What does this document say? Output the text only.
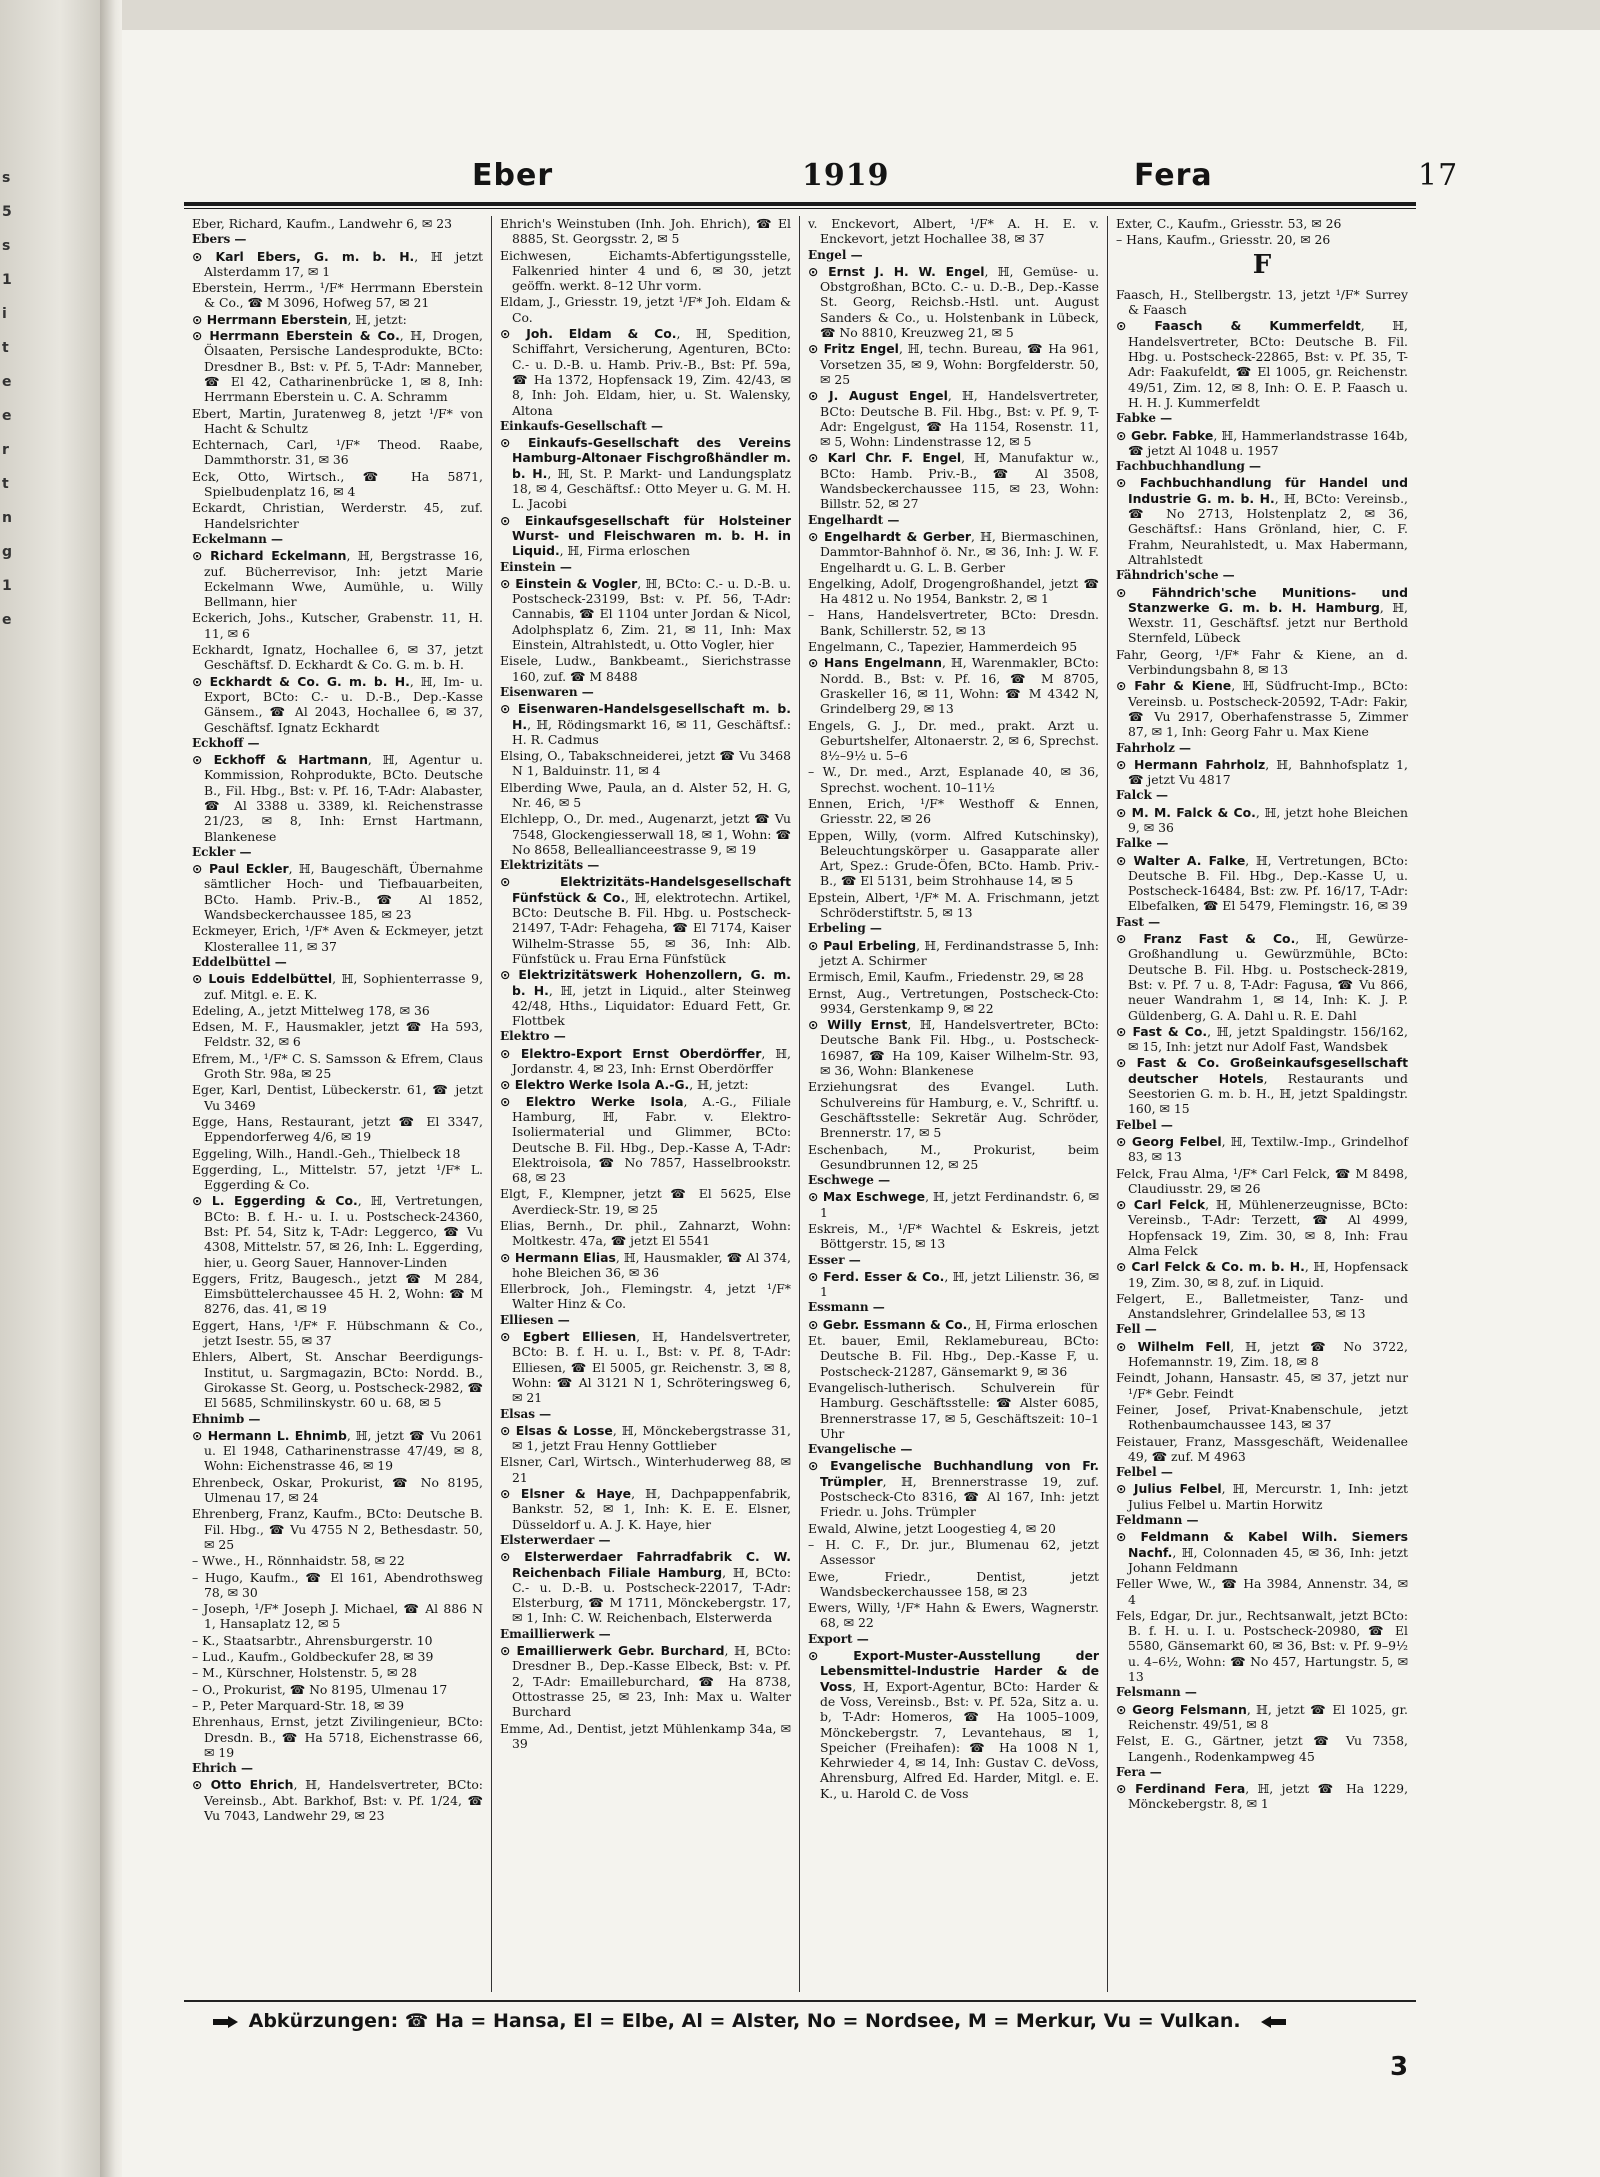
s
5
s
1
i
t
e
e
r
t
n
g
1
e
Eber	1919	Fera	17
Eber, Richard, Kaufm., Landwehr 6, ✉ 23
Ebers —
⊙ Karl Ebers, G. m. b. H., ℍ jetzt Alsterdamm 17, ✉ 1
Eberstein, Herrm., ¹/F* Herrmann Eberstein & Co., ☎ M 3096, Hofweg 57, ✉ 21
⊙ Herrmann Eberstein, ℍ, jetzt:
⊙ Herrmann Eberstein & Co., ℍ, Drogen, Ölsaaten, Persische Landesprodukte, BCto: Dresdner B., Bst: v. Pf. 5, T-Adr: Manneber, ☎ El 42, Catharinenbrücke 1, ✉ 8, Inh: Herrmann Eberstein u. C. A. Schramm
Ebert, Martin, Juratenweg 8, jetzt ¹/F* von Hacht & Schultz
Echternach, Carl, ¹/F* Theod. Raabe, Dammthorstr. 31, ✉ 36
Eck, Otto, Wirtsch., ☎ Ha 5871, Spielbudenplatz 16, ✉ 4
Eckardt, Christian, Werderstr. 45, zuf. Handelsrichter
Eckelmann —
⊙ Richard Eckelmann, ℍ, Bergstrasse 16, zuf. Bücherrevisor, Inh: jetzt Marie Eckelmann Wwe, Aumühle, u. Willy Bellmann, hier
Eckerich, Johs., Kutscher, Grabenstr. 11, H. 11, ✉ 6
Eckhardt, Ignatz, Hochallee 6, ✉ 37, jetzt Geschäftsf. D. Eckhardt & Co. G. m. b. H.
⊙ Eckhardt & Co. G. m. b. H., ℍ, Im- u. Export, BCto: C.- u. D.-B., Dep.-Kasse Gänsem., ☎ Al 2043, Hochallee 6, ✉ 37, Geschäftsf. Ignatz Eckhardt
Eckhoff —
⊙ Eckhoff & Hartmann, ℍ, Agentur u. Kommission, Rohprodukte, BCto. Deutsche B., Fil. Hbg., Bst: v. Pf. 16, T-Adr: Alabaster, ☎ Al 3388 u. 3389, kl. Reichenstrasse 21/23, ✉ 8, Inh: Ernst Hartmann, Blankenese
Eckler —
⊙ Paul Eckler, ℍ, Baugeschäft, Übernahme sämtlicher Hoch- und Tiefbauarbeiten, BCto. Hamb. Priv.-B., ☎ Al 1852, Wandsbeckerchaussee 185, ✉ 23
Eckmeyer, Erich, ¹/F* Aven & Eckmeyer, jetzt Klosterallee 11, ✉ 37
Eddelbüttel —
⊙ Louis Eddelbüttel, ℍ, Sophienterrasse 9, zuf. Mitgl. e. E. K.
Edeling, A., jetzt Mittelweg 178, ✉ 36
Edsen, M. F., Hausmakler, jetzt ☎ Ha 593, Feldstr. 32, ✉ 6
Efrem, M., ¹/F* C. S. Samsson & Efrem, Claus Groth Str. 98a, ✉ 25
Eger, Karl, Dentist, Lübeckerstr. 61, ☎ jetzt Vu 3469
Egge, Hans, Restaurant, jetzt ☎ El 3347, Eppendorferweg 4/6, ✉ 19
Eggeling, Wilh., Handl.-Geh., Thielbeck 18
Eggerding, L., Mittelstr. 57, jetzt ¹/F* L. Eggerding & Co.
⊙ L. Eggerding & Co., ℍ, Vertretungen, BCto: B. f. H.- u. I. u. Postscheck-24360, Bst: Pf. 54, Sitz k, T-Adr: Leggerco, ☎ Vu 4308, Mittelstr. 57, ✉ 26, Inh: L. Eggerding, hier, u. Georg Sauer, Hannover-Linden
Eggers, Fritz, Baugesch., jetzt ☎ M 284, Eimsbüttelerchaussee 45 H. 2, Wohn: ☎ M 8276, das. 41, ✉ 19
Eggert, Hans, ¹/F* F. Hübschmann & Co., jetzt Isestr. 55, ✉ 37
Ehlers, Albert, St. Anschar Beerdigungs-Institut, u. Sargmagazin, BCto: Nordd. B., Girokasse St. Georg, u. Postscheck-2982, ☎ El 5685, Schmilinskystr. 60 u. 68, ✉ 5
Ehnimb —
⊙ Hermann L. Ehnimb, ℍ, jetzt ☎ Vu 2061 u. El 1948, Catharinenstrasse 47/49, ✉ 8, Wohn: Eichenstrasse 46, ✉ 19
Ehrenbeck, Oskar, Prokurist, ☎ No 8195, Ulmenau 17, ✉ 24
Ehrenberg, Franz, Kaufm., BCto: Deutsche B. Fil. Hbg., ☎ Vu 4755 N 2, Bethesdastr. 50, ✉ 25
– Wwe., H., Rönnhaidstr. 58, ✉ 22
– Hugo, Kaufm., ☎ El 161, Abendrothsweg 78, ✉ 30
– Joseph, ¹/F* Joseph J. Michael, ☎ Al 886 N 1, Hansaplatz 12, ✉ 5
– K., Staatsarbtr., Ahrensburgerstr. 10
– Lud., Kaufm., Goldbeckufer 28, ✉ 39
– M., Kürschner, Holstenstr. 5, ✉ 28
– O., Prokurist, ☎ No 8195, Ulmenau 17
– P., Peter Marquard-Str. 18, ✉ 39
Ehrenhaus, Ernst, jetzt Zivilingenieur, BCto: Dresdn. B., ☎ Ha 5718, Eichenstrasse 66, ✉ 19
Ehrich —
⊙ Otto Ehrich, ℍ, Handelsvertreter, BCto: Vereinsb., Abt. Barkhof, Bst: v. Pf. 1/24, ☎ Vu 7043, Landwehr 29, ✉ 23
Ehrich's Weinstuben (Inh. Joh. Ehrich), ☎ El 8885, St. Georgsstr. 2, ✉ 5
Eichwesen, Eichamts-Abfertigungsstelle, Falkenried hinter 4 und 6, ✉ 30, jetzt geöffn. werkt. 8–12 Uhr vorm.
Eldam, J., Griesstr. 19, jetzt ¹/F* Joh. Eldam & Co.
⊙ Joh. Eldam & Co., ℍ, Spedition, Schiffahrt, Versicherung, Agenturen, BCto: C.- u. D.-B. u. Hamb. Priv.-B., Bst: Pf. 59a, ☎ Ha 1372, Hopfensack 19, Zim. 42/43, ✉ 8, Inh: Joh. Eldam, hier, u. St. Walensky, Altona
Einkaufs-Gesellschaft —
⊙ Einkaufs-Gesellschaft des Vereins Hamburg-Altonaer Fischgroßhändler m. b. H., ℍ, St. P. Markt- und Landungsplatz 18, ✉ 4, Geschäftsf.: Otto Meyer u. G. M. H. L. Jacobi
⊙ Einkaufsgesellschaft für Holsteiner Wurst- und Fleischwaren m. b. H. in Liquid., ℍ, Firma erloschen
Einstein —
⊙ Einstein & Vogler, ℍ, BCto: C.- u. D.-B. u. Postscheck-23199, Bst: v. Pf. 56, T-Adr: Cannabis, ☎ El 1104 unter Jordan & Nicol, Adolphsplatz 6, Zim. 21, ✉ 11, Inh: Max Einstein, Altrahlstedt, u. Otto Vogler, hier
Eisele, Ludw., Bankbeamt., Sierichstrasse 160, zuf. ☎ M 8488
Eisenwaren —
⊙ Eisenwaren-Handelsgesellschaft m. b. H., ℍ, Rödingsmarkt 16, ✉ 11, Geschäftsf.: H. R. Cadmus
Elsing, O., Tabakschneiderei, jetzt ☎ Vu 3468 N 1, Balduinstr. 11, ✉ 4
Elberding Wwe, Paula, an d. Alster 52, H. G, Nr. 46, ✉ 5
Elchlepp, O., Dr. med., Augenarzt, jetzt ☎ Vu 7548, Glockengiesserwall 18, ✉ 1, Wohn: ☎ No 8658, Belleallianceestrasse 9, ✉ 19
Elektrizitäts —
⊙ Elektrizitäts-Handelsgesellschaft Fünfstück & Co., ℍ, elektrotechn. Artikel, BCto: Deutsche B. Fil. Hbg. u. Postscheck-21497, T-Adr: Fehageha, ☎ El 7174, Kaiser Wilhelm-Strasse 55, ✉ 36, Inh: Alb. Fünfstück u. Frau Erna Fünfstück
⊙ Elektrizitätswerk Hohenzollern, G. m. b. H., ℍ, jetzt in Liquid., alter Steinweg 42/48, Hths., Liquidator: Eduard Fett, Gr. Flottbek
Elektro —
⊙ Elektro-Export Ernst Oberdörffer, ℍ, Jordanstr. 4, ✉ 23, Inh: Ernst Oberdörffer
⊙ Elektro Werke Isola A.-G., ℍ, jetzt:
⊙ Elektro Werke Isola, A.-G., Filiale Hamburg, ℍ, Fabr. v. Elektro-Isoliermaterial und Glimmer, BCto: Deutsche B. Fil. Hbg., Dep.-Kasse A, T-Adr: Elektroisola, ☎ No 7857, Hasselbrookstr. 68, ✉ 23
Elgt, F., Klempner, jetzt ☎ El 5625, Else Averdieck-Str. 19, ✉ 25
Elias, Bernh., Dr. phil., Zahnarzt, Wohn: Moltkestr. 47a, ☎ jetzt El 5541
⊙ Hermann Elias, ℍ, Hausmakler, ☎ Al 374, hohe Bleichen 36, ✉ 36
Ellerbrock, Joh., Flemingstr. 4, jetzt ¹/F* Walter Hinz & Co.
Elliesen —
⊙ Egbert Elliesen, ℍ, Handelsvertreter, BCto: B. f. H. u. I., Bst: v. Pf. 8, T-Adr: Elliesen, ☎ El 5005, gr. Reichenstr. 3, ✉ 8, Wohn: ☎ Al 3121 N 1, Schröteringsweg 6, ✉ 21
Elsas —
⊙ Elsas & Losse, ℍ, Mönckebergstrasse 31, ✉ 1, jetzt Frau Henny Gottlieber
Elsner, Carl, Wirtsch., Winterhuderweg 88, ✉ 21
⊙ Elsner & Haye, ℍ, Dachpappenfabrik, Bankstr. 52, ✉ 1, Inh: K. E. E. Elsner, Düsseldorf u. A. J. K. Haye, hier
Elsterwerdaer —
⊙ Elsterwerdaer Fahrradfabrik C. W. Reichenbach Filiale Hamburg, ℍ, BCto: C.- u. D.-B. u. Postscheck-22017, T-Adr: Elsterburg, ☎ M 1711, Mönckebergstr. 17, ✉ 1, Inh: C. W. Reichenbach, Elsterwerda
Emaillierwerk —
⊙ Emaillierwerk Gebr. Burchard, ℍ, BCto: Dresdner B., Dep.-Kasse Elbeck, Bst: v. Pf. 2, T-Adr: Emailleburchard, ☎ Ha 8738, Ottostrasse 25, ✉ 23, Inh: Max u. Walter Burchard
Emme, Ad., Dentist, jetzt Mühlenkamp 34a, ✉ 39
v. Enckevort, Albert, ¹/F* A. H. E. v. Enckevort, jetzt Hochallee 38, ✉ 37
Engel —
⊙ Ernst J. H. W. Engel, ℍ, Gemüse- u. Obstgroßhan, BCto. C.- u. D.-B., Dep.-Kasse St. Georg, Reichsb.-Hstl. unt. August Sanders & Co., u. Holstenbank in Lübeck, ☎ No 8810, Kreuzweg 21, ✉ 5
⊙ Fritz Engel, ℍ, techn. Bureau, ☎ Ha 961, Vorsetzen 35, ✉ 9, Wohn: Borgfelderstr. 50, ✉ 25
⊙ J. August Engel, ℍ, Handelsvertreter, BCto: Deutsche B. Fil. Hbg., Bst: v. Pf. 9, T-Adr: Engelgust, ☎ Ha 1154, Rosenstr. 11, ✉ 5, Wohn: Lindenstrasse 12, ✉ 5
⊙ Karl Chr. F. Engel, ℍ, Manufaktur w., BCto: Hamb. Priv.-B., ☎ Al 3508, Wandsbeckerchaussee 115, ✉ 23, Wohn: Billstr. 52, ✉ 27
Engelhardt —
⊙ Engelhardt & Gerber, ℍ, Biermaschinen, Dammtor-Bahnhof ö. Nr., ✉ 36, Inh: J. W. F. Engelhardt u. G. L. B. Gerber
Engelking, Adolf, Drogengroßhandel, jetzt ☎ Ha 4812 u. No 1954, Bankstr. 2, ✉ 1
– Hans, Handelsvertreter, BCto: Dresdn. Bank, Schillerstr. 52, ✉ 13
Engelmann, C., Tapezier, Hammerdeich 95
⊙ Hans Engelmann, ℍ, Warenmakler, BCto: Nordd. B., Bst: v. Pf. 16, ☎ M 8705, Graskeller 16, ✉ 11, Wohn: ☎ M 4342 N, Grindelberg 29, ✉ 13
Engels, G. J., Dr. med., prakt. Arzt u. Geburtshelfer, Altonaerstr. 2, ✉ 6, Sprechst. 8½–9½ u. 5–6
– W., Dr. med., Arzt, Esplanade 40, ✉ 36, Sprechst. wochent. 10–11½
Ennen, Erich, ¹/F* Westhoff & Ennen, Griesstr. 22, ✉ 26
Eppen, Willy, (vorm. Alfred Kutschinsky), Beleuchtungskörper u. Gasapparate aller Art, Spez.: Grude-Öfen, BCto. Hamb. Priv.-B., ☎ El 5131, beim Strohhause 14, ✉ 5
Epstein, Albert, ¹/F* M. A. Frischmann, jetzt Schröderstiftstr. 5, ✉ 13
Erbeling —
⊙ Paul Erbeling, ℍ, Ferdinandstrasse 5, Inh: jetzt A. Schirmer
Ermisch, Emil, Kaufm., Friedenstr. 29, ✉ 28
Ernst, Aug., Vertretungen, Postscheck-Cto: 9934, Gerstenkamp 9, ✉ 22
⊙ Willy Ernst, ℍ, Handelsvertreter, BCto: Deutsche Bank Fil. Hbg., u. Postscheck-16987, ☎ Ha 109, Kaiser Wilhelm-Str. 93, ✉ 36, Wohn: Blankenese
Erziehungsrat des Evangel. Luth. Schulvereins für Hamburg, e. V., Schriftf. u. Geschäftsstelle: Sekretär Aug. Schröder, Brennerstr. 17, ✉ 5
Eschenbach, M., Prokurist, beim Gesundbrunnen 12, ✉ 25
Eschwege —
⊙ Max Eschwege, ℍ, jetzt Ferdinandstr. 6, ✉ 1
Eskreis, M., ¹/F* Wachtel & Eskreis, jetzt Böttgerstr. 15, ✉ 13
Esser —
⊙ Ferd. Esser & Co., ℍ, jetzt Lilienstr. 36, ✉ 1
Essmann —
⊙ Gebr. Essmann & Co., ℍ, Firma erloschen
Et. bauer, Emil, Reklamebureau, BCto: Deutsche B. Fil. Hbg., Dep.-Kasse F, u. Postscheck-21287, Gänsemarkt 9, ✉ 36
Evangelisch-lutherisch. Schulverein für Hamburg. Geschäftsstelle: ☎ Alster 6085, Brennerstrasse 17, ✉ 5, Geschäftszeit: 10–1 Uhr
Evangelische —
⊙ Evangelische Buchhandlung von Fr. Trümpler, ℍ, Brennerstrasse 19, zuf. Postscheck-Cto 8316, ☎ Al 167, Inh: jetzt Friedr. u. Johs. Trümpler
Ewald, Alwine, jetzt Loogestieg 4, ✉ 20
– H. C. F., Dr. jur., Blumenau 62, jetzt Assessor
Ewe, Friedr., Dentist, jetzt Wandsbeckerchaussee 158, ✉ 23
Ewers, Willy, ¹/F* Hahn & Ewers, Wagnerstr. 68, ✉ 22
Export —
⊙ Export-Muster-Ausstellung der Lebensmittel-Industrie Harder & de Voss, ℍ, Export-Agentur, BCto: Harder & de Voss, Vereinsb., Bst: v. Pf. 52a, Sitz a. u. b, T-Adr: Homeros, ☎ Ha 1005–1009, Mönckebergstr. 7, Levantehaus, ✉ 1, Speicher (Freihafen): ☎ Ha 1008 N 1, Kehrwieder 4, ✉ 14, Inh: Gustav C. deVoss, Ahrensburg, Alfred Ed. Harder, Mitgl. e. E. K., u. Harold C. de Voss
Exter, C., Kaufm., Griesstr. 53, ✉ 26
– Hans, Kaufm., Griesstr. 20, ✉ 26
F
Faasch, H., Stellbergstr. 13, jetzt ¹/F* Surrey & Faasch
⊙ Faasch & Kummerfeldt, ℍ, Handelsvertreter, BCto: Deutsche B. Fil. Hbg. u. Postscheck-22865, Bst: v. Pf. 35, T-Adr: Faakufeldt, ☎ El 1005, gr. Reichenstr. 49/51, Zim. 12, ✉ 8, Inh: O. E. P. Faasch u. H. H. J. Kummerfeldt
Fabke —
⊙ Gebr. Fabke, ℍ, Hammerlandstrasse 164b, ☎ jetzt Al 1048 u. 1957
Fachbuchhandlung —
⊙ Fachbuchhandlung für Handel und Industrie G. m. b. H., ℍ, BCto: Vereinsb., ☎ No 2713, Holstenplatz 2, ✉ 36, Geschäftsf.: Hans Grönland, hier, C. F. Frahm, Neurahlstedt, u. Max Habermann, Altrahlstedt
Fähndrich'sche —
⊙ Fähndrich'sche Munitions- und Stanzwerke G. m. b. H. Hamburg, ℍ, Wexstr. 11, Geschäftsf. jetzt nur Berthold Sternfeld, Lübeck
Fahr, Georg, ¹/F* Fahr & Kiene, an d. Verbindungsbahn 8, ✉ 13
⊙ Fahr & Kiene, ℍ, Südfrucht-Imp., BCto: Vereinsb. u. Postscheck-20592, T-Adr: Fakir, ☎ Vu 2917, Oberhafenstrasse 5, Zimmer 87, ✉ 1, Inh: Georg Fahr u. Max Kiene
Fahrholz —
⊙ Hermann Fahrholz, ℍ, Bahnhofsplatz 1, ☎ jetzt Vu 4817
Falck —
⊙ M. M. Falck & Co., ℍ, jetzt hohe Bleichen 9, ✉ 36
Falke —
⊙ Walter A. Falke, ℍ, Vertretungen, BCto: Deutsche B. Fil. Hbg., Dep.-Kasse U, u. Postscheck-16484, Bst: zw. Pf. 16/17, T-Adr: Elbefalken, ☎ El 5479, Flemingstr. 16, ✉ 39
Fast —
⊙ Franz Fast & Co., ℍ, Gewürze-Großhandlung u. Gewürzmühle, BCto: Deutsche B. Fil. Hbg. u. Postscheck-2819, Bst: v. Pf. 7 u. 8, T-Adr: Fagusa, ☎ Vu 866, neuer Wandrahm 1, ✉ 14, Inh: K. J. P. Güldenberg, G. A. Dahl u. R. E. Dahl
⊙ Fast & Co., ℍ, jetzt Spaldingstr. 156/162, ✉ 15, Inh: jetzt nur Adolf Fast, Wandsbek
⊙ Fast & Co. Großeinkaufsgesellschaft deutscher Hotels, Restaurants und Seestorien G. m. b. H., ℍ, jetzt Spaldingstr. 160, ✉ 15
Felbel —
⊙ Georg Felbel, ℍ, Textilw.-Imp., Grindelhof 83, ✉ 13
Felck, Frau Alma, ¹/F* Carl Felck, ☎ M 8498, Claudiusstr. 29, ✉ 26
⊙ Carl Felck, ℍ, Mühlenerzeugnisse, BCto: Vereinsb., T-Adr: Terzett, ☎ Al 4999, Hopfensack 19, Zim. 30, ✉ 8, Inh: Frau Alma Felck
⊙ Carl Felck & Co. m. b. H., ℍ, Hopfensack 19, Zim. 30, ✉ 8, zuf. in Liquid.
Felgert, E., Balletmeister, Tanz- und Anstandslehrer, Grindelallee 53, ✉ 13
Fell —
⊙ Wilhelm Fell, ℍ, jetzt ☎ No 3722, Hofemannstr. 19, Zim. 18, ✉ 8
Feindt, Johann, Hansastr. 45, ✉ 37, jetzt nur ¹/F* Gebr. Feindt
Feiner, Josef, Privat-Knabenschule, jetzt Rothenbaumchaussee 143, ✉ 37
Feistauer, Franz, Massgeschäft, Weidenallee 49, ☎ zuf. M 4963
Felbel —
⊙ Julius Felbel, ℍ, Mercurstr. 1, Inh: jetzt Julius Felbel u. Martin Horwitz
Feldmann —
⊙ Feldmann & Kabel Wilh. Siemers Nachf., ℍ, Colonnaden 45, ✉ 36, Inh: jetzt Johann Feldmann
Feller Wwe, W., ☎ Ha 3984, Annenstr. 34, ✉ 4
Fels, Edgar, Dr. jur., Rechtsanwalt, jetzt BCto: B. f. H. u. I. u. Postscheck-20980, ☎ El 5580, Gänsemarkt 60, ✉ 36, Bst: v. Pf. 9–9½ u. 4–6½, Wohn: ☎ No 457, Hartungstr. 5, ✉ 13
Felsmann —
⊙ Georg Felsmann, ℍ, jetzt ☎ El 1025, gr. Reichenstr. 49/51, ✉ 8
Felst, E. G., Gärtner, jetzt ☎ Vu 7358, Langenh., Rodenkampweg 45
Fera —
⊙ Ferdinand Fera, ℍ, jetzt ☎ Ha 1229, Mönckebergstr. 8, ✉ 1
Abkürzungen: ☎ Ha = Hansa, El = Elbe, Al = Alster, No = Nordsee, M = Merkur, Vu = Vulkan.
3
